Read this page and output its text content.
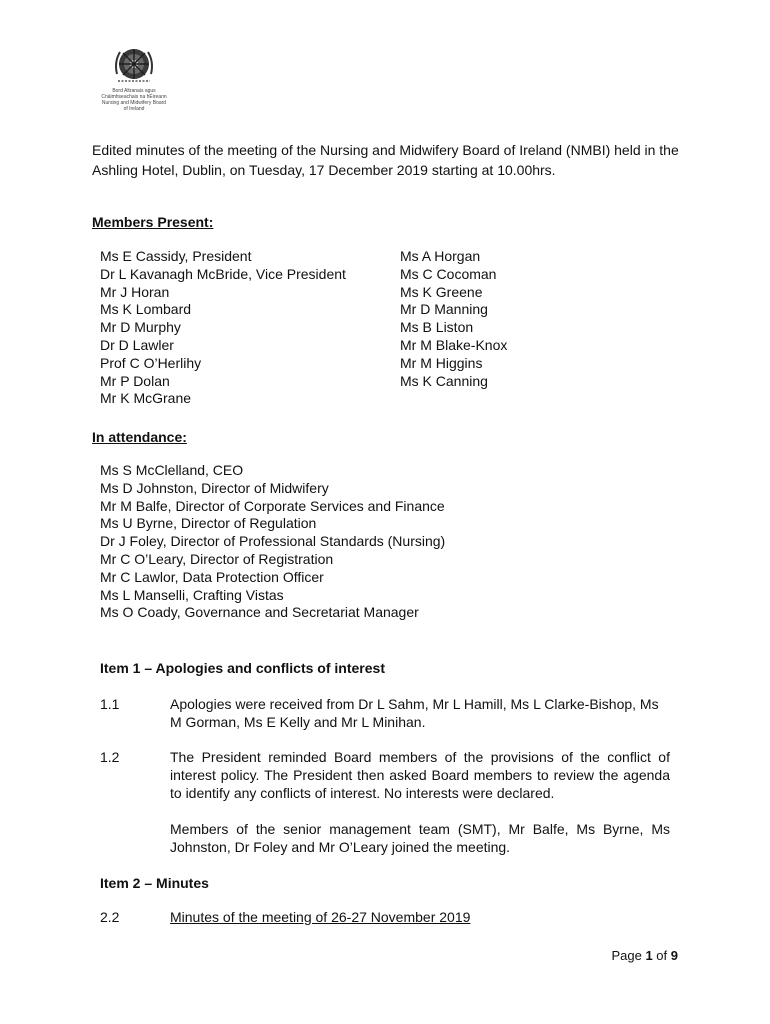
Bord Altranais agus
Cnáimhseachais na hÉireann
Nursing and Midwifery Board
of Ireland
Edited minutes of the meeting of the Nursing and Midwifery Board of Ireland (NMBI) held in the Ashling Hotel, Dublin, on Tuesday, 17 December 2019 starting at 10.00hrs.
Members Present:
Ms E Cassidy, President
Dr L Kavanagh McBride, Vice President
Mr J Horan
Ms K Lombard
Mr D Murphy
Dr D Lawler
Prof C O’Herlihy
Mr P Dolan
Mr K McGrane
Ms A Horgan
Ms C Cocoman
Ms K Greene
Mr D Manning
Ms B Liston
Mr M Blake-Knox
Mr M Higgins
Ms K Canning
In attendance:
Ms S McClelland, CEO
Ms D Johnston, Director of Midwifery
Mr M Balfe, Director of Corporate Services and Finance
Ms U Byrne, Director of Regulation
Dr J Foley, Director of Professional Standards (Nursing)
Mr C O’Leary, Director of Registration
Mr C Lawlor, Data Protection Officer
Ms L Manselli, Crafting Vistas
Ms O Coady, Governance and Secretariat Manager
Item 1 – Apologies and conflicts of interest
1.1	Apologies were received from Dr L Sahm, Mr L Hamill, Ms L Clarke-Bishop, Ms M Gorman, Ms E Kelly and Mr L Minihan.
1.2	The President reminded Board members of the provisions of the conflict of interest policy. The President then asked Board members to review the agenda to identify any conflicts of interest. No interests were declared.
Members of the senior management team (SMT), Mr Balfe, Ms Byrne, Ms Johnston, Dr Foley and Mr O’Leary joined the meeting.
Item 2 – Minutes
2.2	Minutes of the meeting of 26-27 November 2019
Page 1 of 9
